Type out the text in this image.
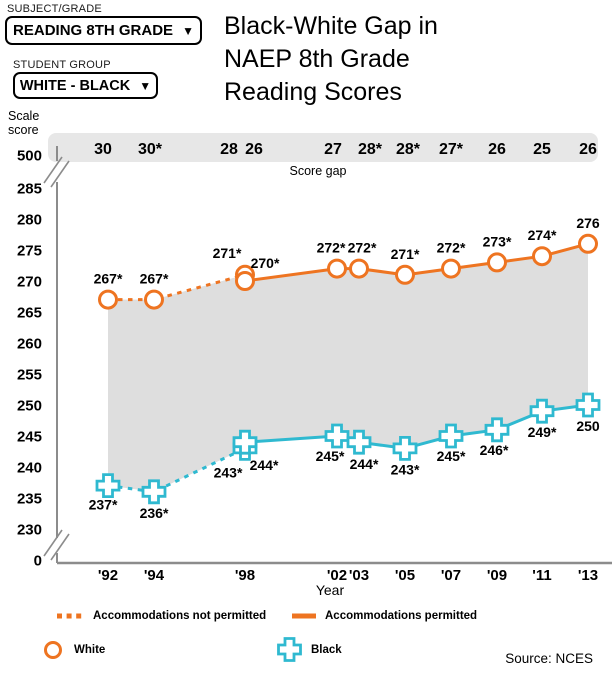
SUBJECT/GRADE
READING 8TH GRADE ▼
STUDENT GROUP
WHITE - BLACK ▼
Black-White Gap in
NAEP 8th Grade
Reading Scores
Scale
score
30 30*	28 26	27 28* 28* 27* 26 25 26
Score gap
267* 267*
271*
270*
272* 272* 271* 272* 273* 274*
276
237*
236*
243* 244*
245*
244* 243*
245* 246*
249* 250
500
285
280
275
270
265
260
255
250
245
240
235
230
0
'92 '94	'98	'02 '03 '05 '07 '09 '11 '13
Year
Accommodations not permitted	Accommodations permitted
White	Black
Source: NCES
